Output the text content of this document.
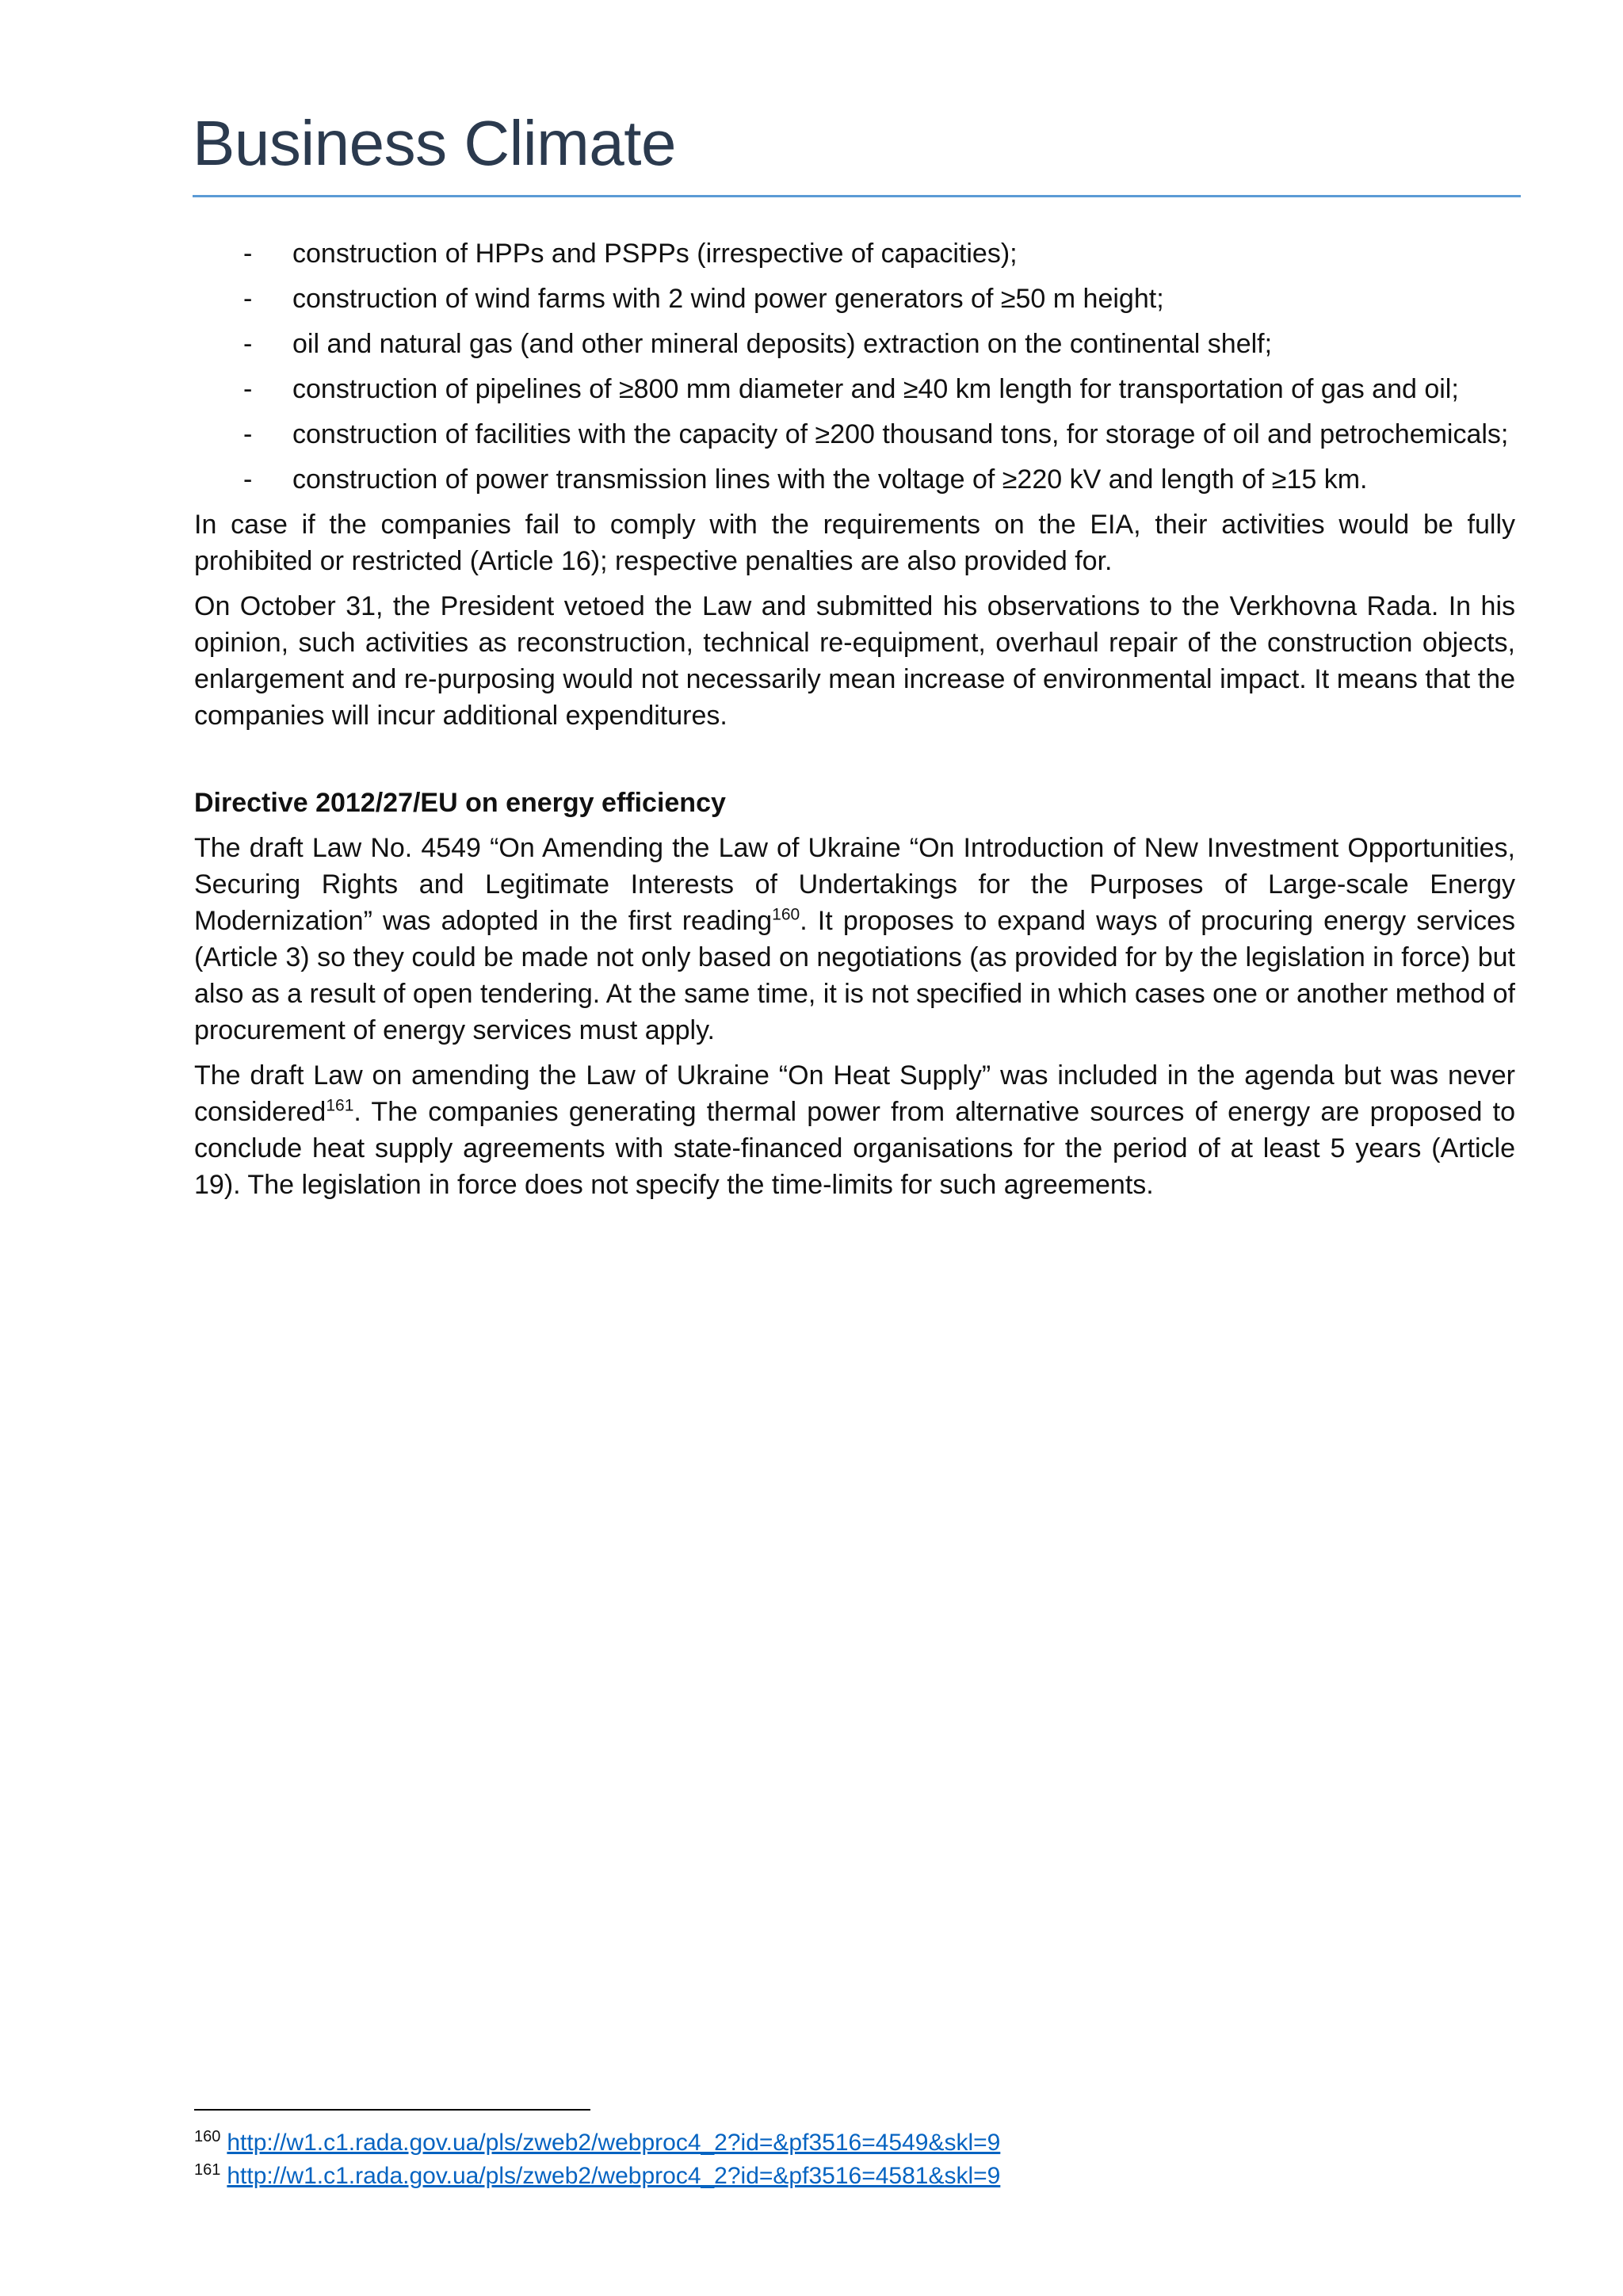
Business Climate
- construction of HPPs and PSPPs (irrespective of capacities);
- construction of wind farms with 2 wind power generators of ≥50 m height;
- oil and natural gas (and other mineral deposits) extraction on the continental shelf;
- construction of pipelines of ≥800 mm diameter and ≥40 km length for transportation of gas and oil;
- construction of facilities with the capacity of ≥200 thousand tons, for storage of oil and petrochemicals;
- construction of power transmission lines with the voltage of ≥220 kV and length of ≥15 km.

In case if the companies fail to comply with the requirements on the EIA, their activities would be fully prohibited or restricted (Article 16); respective penalties are also provided for.

On October 31, the President vetoed the Law and submitted his observations to the Verkhovna Rada. In his opinion, such activities as reconstruction, technical re-equipment, overhaul repair of the construction objects, enlargement and re-purposing would not necessarily mean increase of environmental impact. It means that the companies will incur additional expenditures.

Directive 2012/27/EU on energy efficiency

The draft Law No. 4549 “On Amending the Law of Ukraine “On Introduction of New Investment Opportunities, Securing Rights and Legitimate Interests of Undertakings for the Purposes of Large-scale Energy Modernization” was adopted in the first reading$^{160}$. It proposes to expand ways of procuring energy services (Article 3) so they could be made not only based on negotiations (as provided for by the legislation in force) but also as a result of open tendering. At the same time, it is not specified in which cases one or another method of procurement of energy services must apply.

The draft Law on amending the Law of Ukraine “On Heat Supply” was included in the agenda but was never considered$^{161}$. The companies generating thermal power from alternative sources of energy are proposed to conclude heat supply agreements with state-financed organisations for the period of at least 5 years (Article 19). The legislation in force does not specify the time-limits for such agreements.

$^{160}$ http://w1.c1.rada.gov.ua/pls/zweb2/webproc4_2?id=&pf3516=4549&skl=9

$^{161}$ http://w1.c1.rada.gov.ua/pls/zweb2/webproc4_2?id=&pf3516=4581&skl=9
